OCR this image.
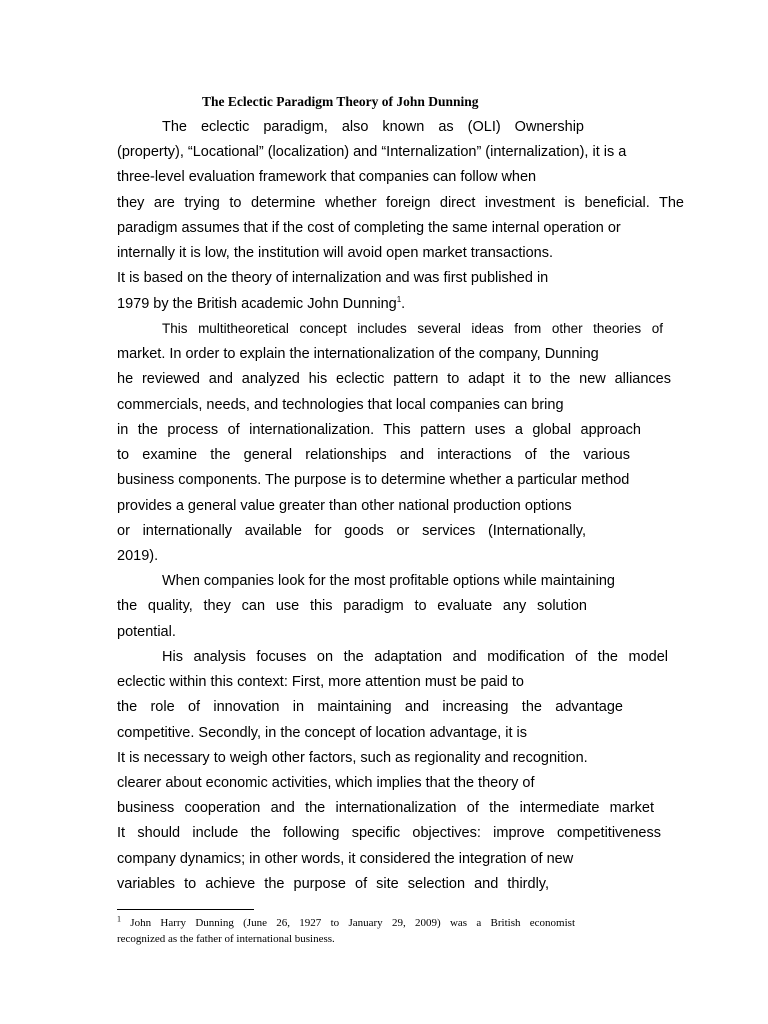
The Eclectic Paradigm Theory of John Dunning
The eclectic paradigm, also known as (OLI) Ownership
(property), “Locational” (localization) and “Internalization” (internalization), it is a
three-level evaluation framework that companies can follow when
they are trying to determine whether foreign direct investment is beneficial. The
paradigm assumes that if the cost of completing the same internal operation or
internally it is low, the institution will avoid open market transactions.
It is based on the theory of internalization and was first published in
1979 by the British academic John Dunning$^1$.
This multitheoretical concept includes several ideas from other theories of
market. In order to explain the internationalization of the company, Dunning
he reviewed and analyzed his eclectic pattern to adapt it to the new alliances
commercials, needs, and technologies that local companies can bring
in the process of internationalization. This pattern uses a global approach
to examine the general relationships and interactions of the various
business components. The purpose is to determine whether a particular method
provides a general value greater than other national production options
or internationally available for goods or services (Internationally,
2019).
When companies look for the most profitable options while maintaining
the quality, they can use this paradigm to evaluate any solution
potential.
His analysis focuses on the adaptation and modification of the model
eclectic within this context: First, more attention must be paid to
the role of innovation in maintaining and increasing the advantage
competitive. Secondly, in the concept of location advantage, it is
It is necessary to weigh other factors, such as regionality and recognition.
clearer about economic activities, which implies that the theory of
business cooperation and the internationalization of the intermediate market
It should include the following specific objectives: improve competitiveness
company dynamics; in other words, it considered the integration of new
variables to achieve the purpose of site selection and thirdly,
$^1$ John Harry Dunning (June 26, 1927 to January 29, 2009) was a British economist
recognized as the father of international business.
